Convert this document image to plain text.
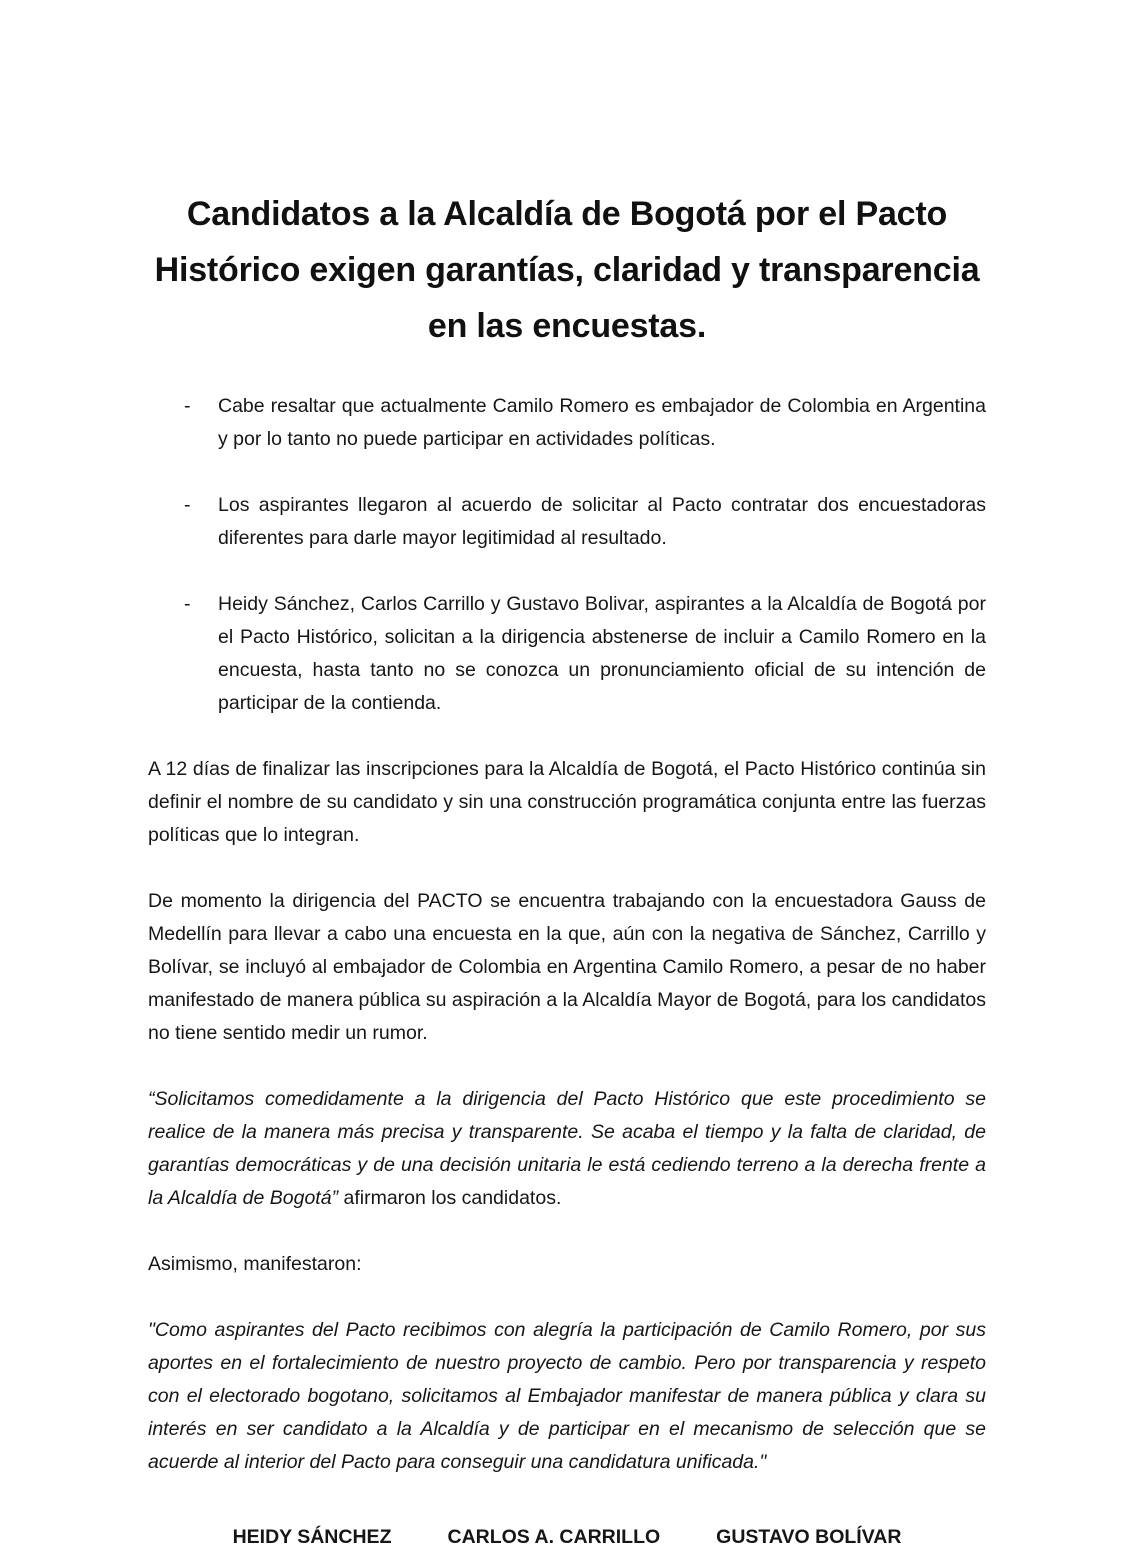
Candidatos a la Alcaldía de Bogotá por el Pacto Histórico exigen garantías, claridad y transparencia en las encuestas.
-	Cabe resaltar que actualmente Camilo Romero es embajador de Colombia en Argentina y por lo tanto no puede participar en actividades políticas.

-	Los aspirantes llegaron al acuerdo de solicitar al Pacto contratar dos encuestadoras diferentes para darle mayor legitimidad al resultado.

-	Heidy Sánchez, Carlos Carrillo y Gustavo Bolivar, aspirantes a la Alcaldía de Bogotá por el Pacto Histórico, solicitan a la dirigencia abstenerse de incluir a Camilo Romero en la encuesta, hasta tanto no se conozca un pronunciamiento oficial de su intención de participar de la contienda.

A 12 días de finalizar las inscripciones para la Alcaldía de Bogotá, el Pacto Histórico continúa sin definir el nombre de su candidato y sin una construcción programática conjunta entre las fuerzas políticas que lo integran.

De momento la dirigencia del PACTO se encuentra trabajando con la encuestadora Gauss de Medellín para llevar a cabo una encuesta en la que, aún con la negativa de Sánchez, Carrillo y Bolívar, se incluyó al embajador de Colombia en Argentina Camilo Romero, a pesar de no haber manifestado de manera pública su aspiración a la Alcaldía Mayor de Bogotá, para los candidatos no tiene sentido medir un rumor.

“Solicitamos comedidamente a la dirigencia del Pacto Histórico que este procedimiento se realice de la manera más precisa y transparente. Se acaba el tiempo y la falta de claridad, de garantías democráticas y de una decisión unitaria le está cediendo terreno a la derecha frente a la Alcaldía de Bogotá” afirmaron los candidatos.

Asimismo, manifestaron:

"Como aspirantes del Pacto recibimos con alegría la participación de Camilo Romero, por sus aportes en el fortalecimiento de nuestro proyecto de cambio. Pero por transparencia y respeto con el electorado bogotano, solicitamos al Embajador manifestar de manera pública y clara su interés en ser candidato a la Alcaldía y de participar en el mecanismo de selección que se acuerde al interior del Pacto para conseguir una candidatura unificada."

HEIDY SÁNCHEZ	CARLOS A. CARRILLO	GUSTAVO BOLÍVAR
